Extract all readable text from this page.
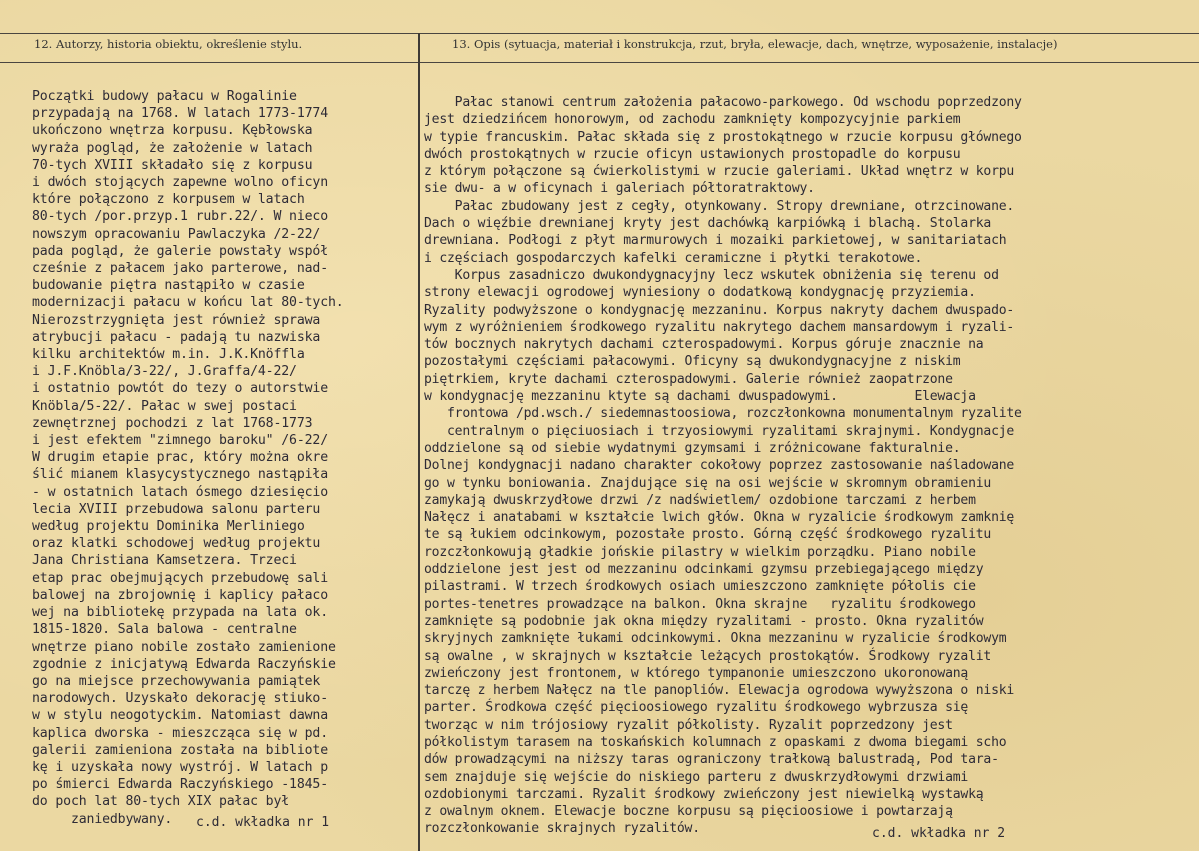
12. Autorzy, historia obiektu, określenie stylu.	13. Opis (sytuacja, materiał i konstrukcja, rzut, bryła, elewacje, dach, wnętrze, wyposażenie, instalacje)
Początki budowy pałacu w Rogalinie
przypadają na 1768. W latach 1773-1774
ukończono wnętrza korpusu. Kębłowska
wyraża pogląd, że założenie w latach
70-tych XVIII składało się z korpusu
i dwóch stojących zapewne wolno oficyn
które połączono z korpusem w latach
80-tych /por.przyp.1 rubr.22/. W nieco
nowszym opracowaniu Pawlaczyka /2-22/
pada pogląd, że galerie powstały współ
cześnie z pałacem jako parterowe, nad-
budowanie piętra nastąpiło w czasie
modernizacji pałacu w końcu lat 80-tych.
Nierozstrzygnięta jest również sprawa
atrybucji pałacu - padają tu nazwiska
kilku architektów m.in. J.K.Knöffla
i J.F.Knöbla/3-22/, J.Graffa/4-22/
i ostatnio powtót do tezy o autorstwie
Knöbla/5-22/. Pałac w swej postaci
zewnętrznej pochodzi z lat 1768-1773
i jest efektem "zimnego baroku" /6-22/
W drugim etapie prac, który można okre
ślić mianem klasycystycznego nastąpiła
- w ostatnich latach ósmego dziesięcio
lecia XVIII przebudowa salonu parteru
według projektu Dominika Merliniego
oraz klatki schodowej według projektu
Jana Christiana Kamsetzera. Trzeci
etap prac obejmujących przebudowę sali
balowej na zbrojownię i kaplicy pałaco
wej na bibliotekę przypada na lata ok.
1815-1820. Sala balowa - centralne
wnętrze piano nobile zostało zamienione
zgodnie z inicjatywą Edwarda Raczyńskie
go na miejsce przechowywania pamiątek
narodowych. Uzyskało dekorację stiuko-
w w stylu neogotyckim. Natomiast dawna
kaplica dworska - mieszcząca się w pd.
galerii zamieniona została na bibliote
kę i uzyskała nowy wystrój. W latach p
po śmierci Edwarda Raczyńskiego -1845-
do poch lat 80-tych XIX pałac był
zaniedbywany.
Pałac stanowi centrum założenia pałacowo-parkowego. Od wschodu poprzedzony
jest dziedzińcem honorowym, od zachodu zamknięty kompozycyjnie parkiem
w typie francuskim. Pałac składa się z prostokątnego w rzucie korpusu głównego
dwóch prostokątnych w rzucie oficyn ustawionych prostopadle do korpusu
z którym połączone są ćwierkolistymi w rzucie galeriami. Układ wnętrz w korpu
sie dwu- a w oficynach i galeriach półtoratraktowy.
Pałac zbudowany jest z cegły, otynkowany. Stropy drewniane, otrzcinowane.
Dach o więźbie drewnianej kryty jest dachówką karpiówką i blachą. Stolarka
drewniana. Podłogi z płyt marmurowych i mozaiki parkietowej, w sanitariatach
i częściach gospodarczych kafelki ceramiczne i płytki terakotowe.
Korpus zasadniczo dwukondygnacyjny lecz wskutek obniżenia się terenu od
strony elewacji ogrodowej wyniesiony o dodatkową kondygnację przyziemia.
Ryzality podwyższone o kondygnację mezzaninu. Korpus nakryty dachem dwuspado-
wym z wyróżnieniem środkowego ryzalitu nakrytego dachem mansardowym i ryzali-
tów bocznych nakrytych dachami czterospadowymi. Korpus góruje znacznie na
pozostałymi częściami pałacowymi. Oficyny są dwukondygnacyjne z niskim
piętrkiem, kryte dachami czterospadowymi. Galerie również zaopatrzone
w kondygnację mezzaninu ktyte są dachami dwuspadowymi.          Elewacja
frontowa /pd.wsch./ siedemnastoosiowa, rozczłonkowna monumentalnym ryzalite
centralnym o pięciuosiach i trzyosiowymi ryzalitami skrajnymi. Kondygnacje
oddzielone są od siebie wydatnymi gzymsami i zróżnicowane fakturalnie.
Dolnej kondygnacji nadano charakter cokołowy poprzez zastosowanie naśladowane
go w tynku boniowania. Znajdujące się na osi wejście w skromnym obramieniu
zamykają dwuskrzydłowe drzwi /z nadświetlem/ ozdobione tarczami z herbem
Nałęcz i anatabami w kształcie lwich głów. Okna w ryzalicie środkowym zamknię
te są łukiem odcinkowym, pozostałe prosto. Górną część środkowego ryzalitu
rozczłonkowują gładkie jońskie pilastry w wielkim porządku. Piano nobile
oddzielone jest jest od mezzaninu odcinkami gzymsu przebiegającego między
pilastrami. W trzech środkowych osiach umieszczono zamknięte półolis cie
portes-tenetres prowadzące na balkon. Okna skrajne   ryzalitu środkowego
zamknięte są podobnie jak okna między ryzalitami - prosto. Okna ryzalitów
skryjnych zamknięte łukami odcinkowymi. Okna mezzaninu w ryzalicie środkowym
są owalne , w skrajnych w kształcie leżących prostokątów. Środkowy ryzalit
zwieńczony jest frontonem, w którego tympanonie umieszczono ukoronowaną
tarczę z herbem Nałęcz na tle panopliów. Elewacja ogrodowa wywyższona o niski
parter. Środkowa część pięcioosiowego ryzalitu środkowego wybrzusza się
tworząc w nim trójosiowy ryzalit półkolisty. Ryzalit poprzedzony jest
półkolistym tarasem na toskańskich kolumnach z opaskami z dwoma biegami scho
dów prowadzącymi na niższy taras ograniczony trałkową balustradą, Pod tara-
sem znajduje się wejście do niskiego parteru z dwuskrzydłowymi drzwiami
ozdobionymi tarczami. Ryzalit środkowy zwieńczony jest niewielką wystawką
z owalnym oknem. Elewacje boczne korpusu są pięcioosiowe i powtarzają
rozczłonkowanie skrajnych ryzalitów.
c.d. wkładka nr 1
c.d. wkładka nr 2
